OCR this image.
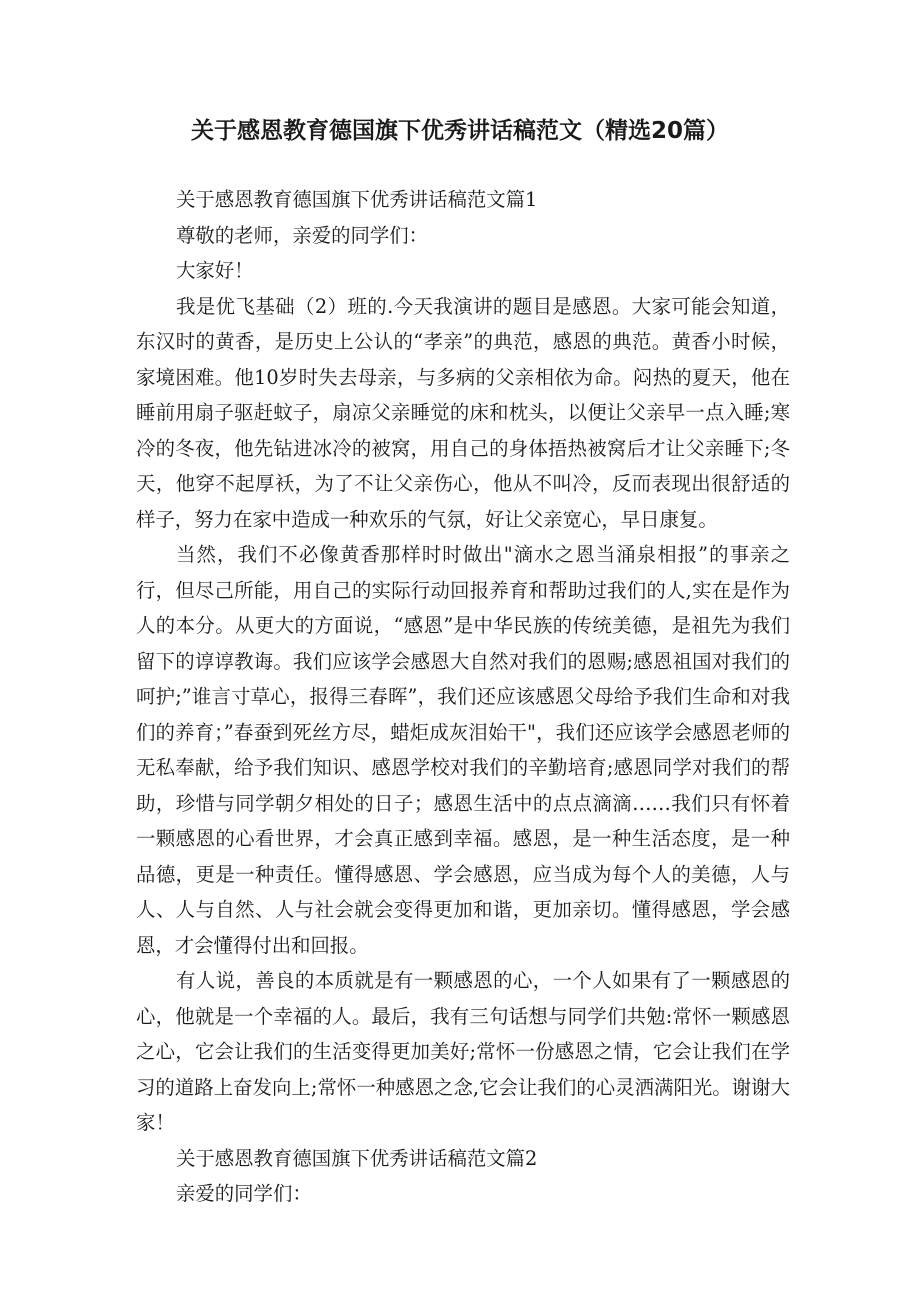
关于感恩教育德国旗下优秀讲话稿范文（精选20篇）

关于感恩教育德国旗下优秀讲话稿范文篇1

尊敬的老师，亲爱的同学们：

大家好！

我是优飞基础（2）班的.今天我演讲的题目是感恩。大家可能会知道，东汉时的黄香，是历史上公认的“孝亲”的典范，感恩的典范。黄香小时候，家境困难。他10岁时失去母亲，与多病的父亲相依为命。闷热的夏天，他在睡前用扇子驱赶蚊子，扇凉父亲睡觉的床和枕头，以便让父亲早一点入睡;寒冷的冬夜，他先钻进冰冷的被窝，用自己的身体捂热被窝后才让父亲睡下;冬天，他穿不起厚袄，为了不让父亲伤心，他从不叫冷，反而表现出很舒适的样子，努力在家中造成一种欢乐的气氛，好让父亲宽心，早日康复。

当然，我们不必像黄香那样时时做出"滴水之恩当涌泉相报”的事亲之行，但尽己所能，用自己的实际行动回报养育和帮助过我们的人,实在是作为人的本分。从更大的方面说，“感恩”是中华民族的传统美德，是祖先为我们留下的谆谆教诲。我们应该学会感恩大自然对我们的恩赐;感恩祖国对我们的呵护;”谁言寸草心，报得三春晖”，我们还应该感恩父母给予我们生命和对我们的养育；”春蚕到死丝方尽，蜡炬成灰泪始干"，我们还应该学会感恩老师的无私奉献，给予我们知识、感恩学校对我们的辛勤培育;感恩同学对我们的帮助，珍惜与同学朝夕相处的日子；感恩生活中的点点滴滴……我们只有怀着一颗感恩的心看世界，才会真正感到幸福。感恩，是一种生活态度，是一种品德，更是一种责任。懂得感恩、学会感恩，应当成为每个人的美德，人与人、人与自然、人与社会就会变得更加和谐，更加亲切。懂得感恩，学会感恩，才会懂得付出和回报。

有人说，善良的本质就是有一颗感恩的心，一个人如果有了一颗感恩的心，他就是一个幸福的人。最后，我有三句话想与同学们共勉:常怀一颗感恩之心，它会让我们的生活变得更加美好;常怀一份感恩之情，它会让我们在学习的道路上奋发向上;常怀一种感恩之念,它会让我们的心灵洒满阳光。谢谢大家！

关于感恩教育德国旗下优秀讲话稿范文篇2

亲爱的同学们：
